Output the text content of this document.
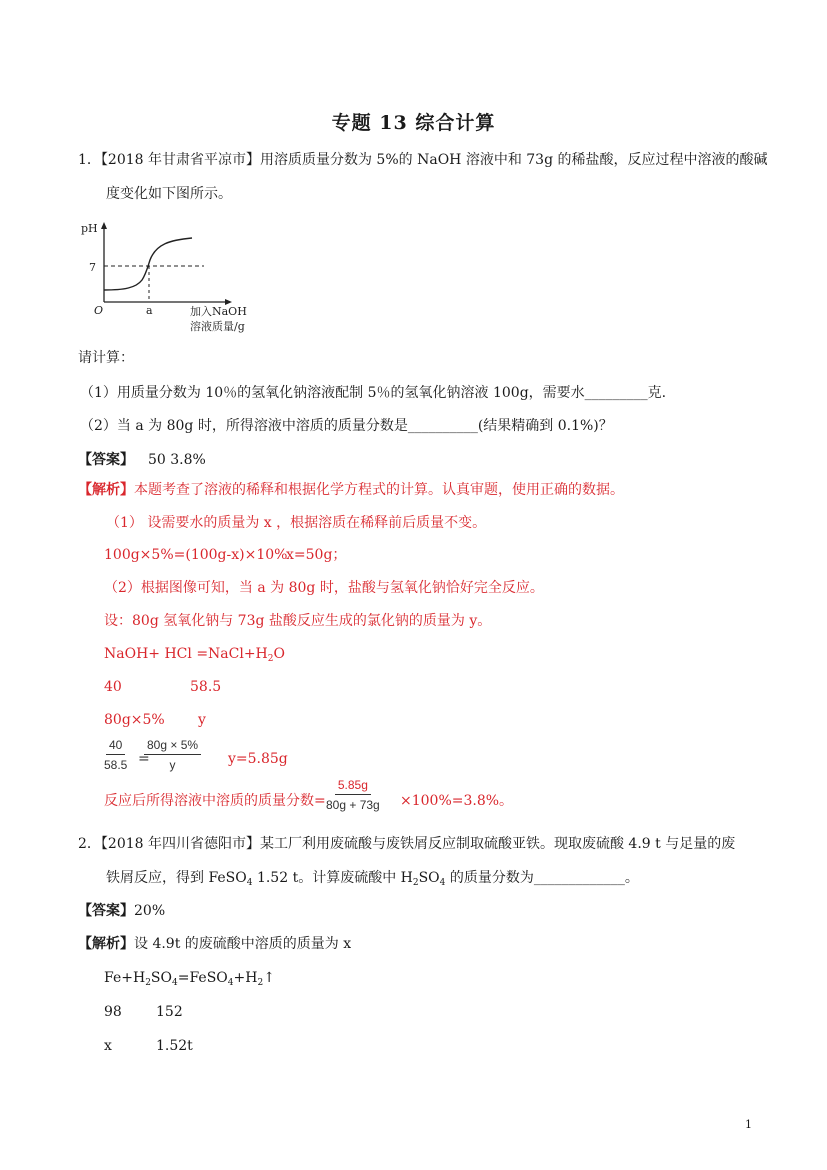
专题 13 综合计算
1．【2018 年甘肃省平凉市】用溶质质量分数为 5%的 NaOH 溶液中和 73g 的稀盐酸，反应过程中溶液的酸碱
度变化如下图所示。
pH
7
O	a	加入NaOH
溶液质量/g
请计算：
（1）用质量分数为 10％的氢氧化钠溶液配制 5％的氢氧化钠溶液 100g，需要水_________克.
（2）当 a 为 80g 时，所得溶液中溶质的质量分数是__________(结果精确到 0.1%)？
【答案】 50 3.8%
【解析】本题考查了溶液的稀释和根据化学方程式的计算。认真审题，使用正确的数据。
（1） 设需要水的质量为 x ，根据溶质在稀释前后质量不变。
100g×5%=(100g-x)×10%
x=50g；
（2）根据图像可知，当 a 为 80g 时，盐酸与氢氧化钠恰好完全反应。
设：80g 氢氧化钠与 73g 盐酸反应生成的氯化钠的质量为 y。
NaOH+ HCl $=NaCl+H_2O$
40	58.5
80g×5% y
$\frac{40}{58.5}$ =
$\frac{80g \times 5\%}{y} y=5.85g$
反应后所得溶液中溶质的质量分数= $\frac{5.85g}{80g + 73g} \times 100\%=3.8\%$。
2．【2018 年四川省德阳市】某工厂利用废硫酸与废铁屑反应制取硫酸亚铁。现取废硫酸 4.9 t 与足量的废
铁屑反应，得到 FeSO$_4$ 1.52 t。计算废硫酸中 $H_2SO_4$ 的质量分数为_____________。
【答案】20%
【解析】设 4.9t 的废硫酸中溶质的质量为 x
$Fe+H_2SO_4=FeSO_4+H_2↑$
98 152
x	1.52t
1
